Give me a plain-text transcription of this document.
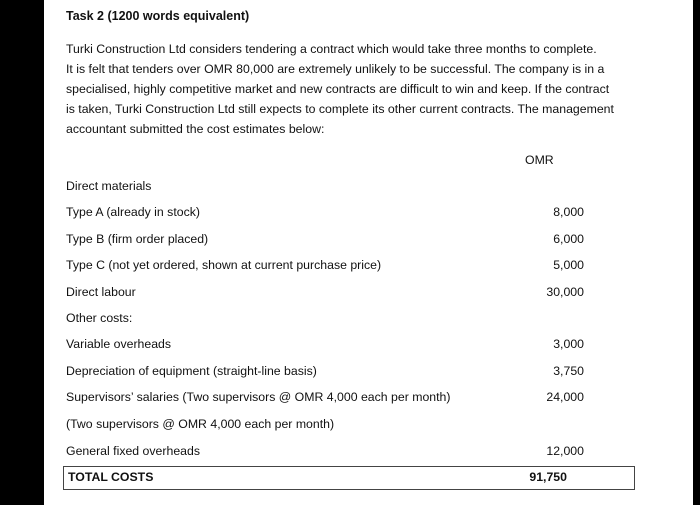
Task 2 (1200 words equivalent)
Turki Construction Ltd considers tendering a contract which would take three months to complete.
It is felt that tenders over OMR 80,000 are extremely unlikely to be successful. The company is in a
specialised, highly competitive market and new contracts are difficult to win and keep. If the contract
is taken, Turki Construction Ltd still expects to complete its other current contracts. The management
accountant submitted the cost estimates below:
OMR
Direct materials
Type A (already in stock)	8,000
Type B (firm order placed)	6,000
Type C (not yet ordered, shown at current purchase price)	5,000
Direct labour	30,000
Other costs:
Variable overheads	3,000
Depreciation of equipment (straight-line basis)	3,750
Supervisors’ salaries (Two supervisors @ OMR 4,000 each per month)	24,000
(Two supervisors @ OMR 4,000 each per month)
General fixed overheads	12,000
TOTAL COSTS	91,750
